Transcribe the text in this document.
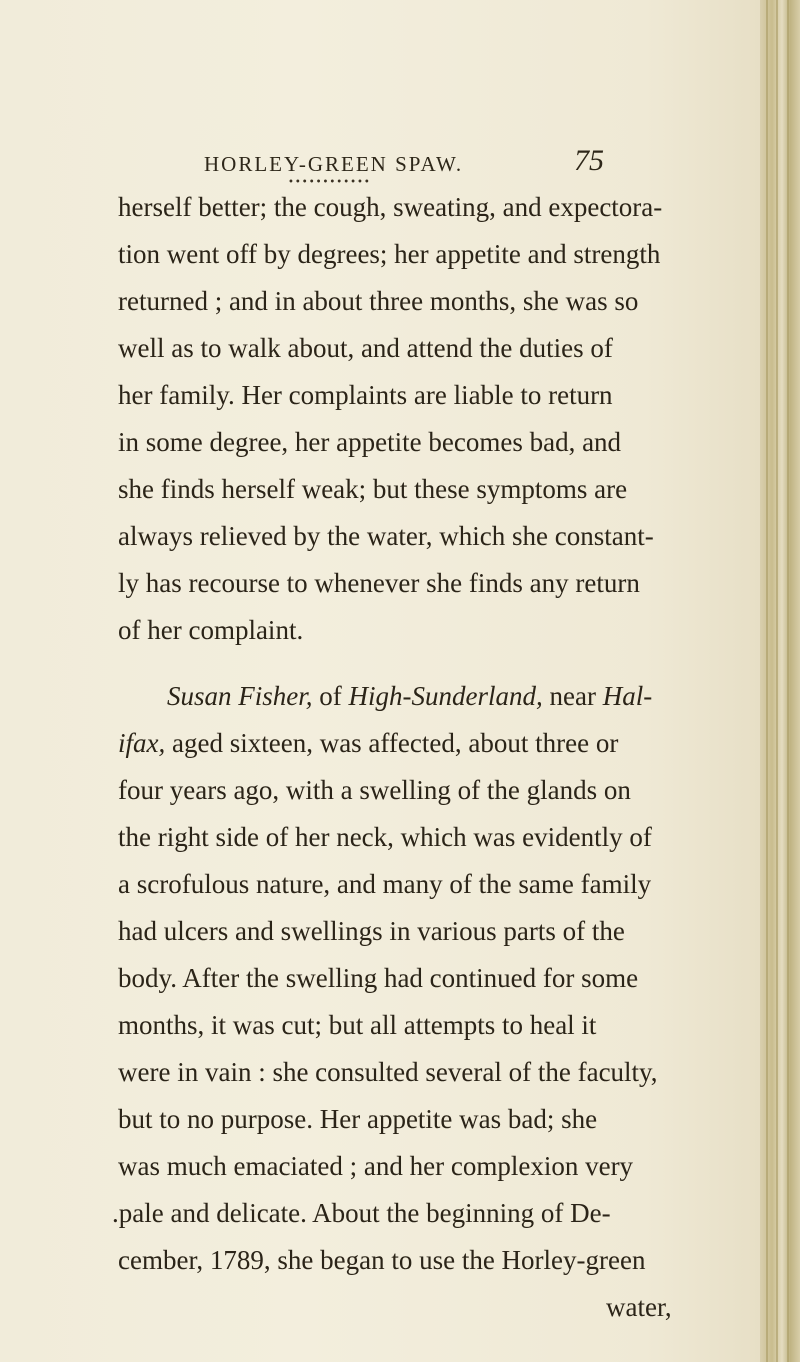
HORLEY-GREEN SPAW.	75
••••••••••••
herself better; the cough, sweating, and expectora-
tion went off by degrees; her appetite and strength
returned ; and in about three months, she was so
well as to walk about, and attend the duties of
her family. Her complaints are liable to return
in some degree, her appetite becomes bad, and
she finds herself weak; but these symptoms are
always relieved by the water, which she constant-
ly has recourse to whenever she finds any return
of her complaint.
Susan Fisher, of High-Sunderland, near Hal-
ifax, aged sixteen, was affected, about three or
four years ago, with a swelling of the glands on
the right side of her neck, which was evidently of
a scrofulous nature, and many of the same family
had ulcers and swellings in various parts of the
body. After the swelling had continued for some
months, it was cut; but all attempts to heal it
were in vain : she consulted several of the faculty,
but to no purpose. Her appetite was bad; she
was much emaciated ; and her complexion very
.pale and delicate. About the beginning of De-
cember, 1789, she began to use the Horley-green
water,
